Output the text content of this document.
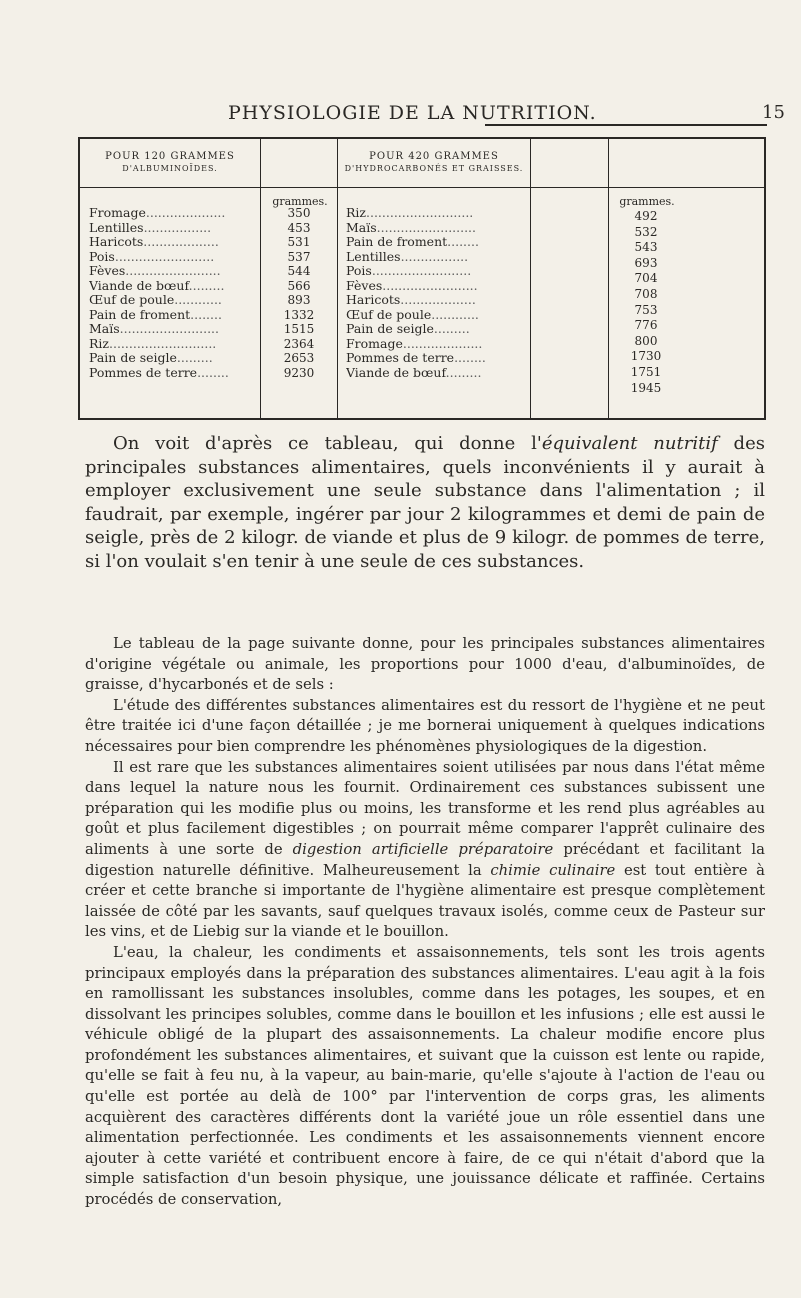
PHYSIOLOGIE DE LA NUTRITION.	15
POUR 120 GRAMMES
D'ALBUMINOÏDES.
POUR 420 GRAMMES
D'HYDROCARBONÉS ET GRAISSES.
grammes.	grammes.
Fromage....................
Lentilles.................
Haricots...................
Pois.........................
Fèves........................
Viande de bœuf.........
Œuf de poule............
Pain de froment........
Maïs.........................
Riz...........................
Pain de seigle.........
Pommes de terre........
350
453
531
537
544
566
893
1332
1515
2364
2653
9230
Riz...........................
Maïs.........................
Pain de froment........
Lentilles.................
Pois.........................
Fèves........................
Haricots...................
Œuf de poule............
Pain de seigle.........
Fromage....................
Pommes de terre........
Viande de bœuf.........
492
532
543
693
704
708
753
776
800
1730
1751
1945

On voit d'après ce tableau, qui donne l'équivalent nutritif des principales substances alimentaires, quels inconvénients il y aurait à employer exclusivement une seule substance dans l'alimentation ; il faudrait, par exemple, ingérer par jour 2 kilogrammes et demi de pain de seigle, près de 2 kilogr. de viande et plus de 9 kilogr. de pommes de terre, si l'on voulait s'en tenir à une seule de ces substances.

Le tableau de la page suivante donne, pour les principales substances alimentaires d'origine végétale ou animale, les proportions pour 1000 d'eau, d'albuminoïdes, de graisse, d'hycarbonés et de sels :

L'étude des différentes substances alimentaires est du ressort de l'hygiène et ne peut être traitée ici d'une façon détaillée ; je me bornerai uniquement à quelques indications nécessaires pour bien comprendre les phénomènes physiologiques de la digestion.

Il est rare que les substances alimentaires soient utilisées par nous dans l'état même dans lequel la nature nous les fournit. Ordinairement ces substances subissent une préparation qui les modifie plus ou moins, les transforme et les rend plus agréables au goût et plus facilement digestibles ; on pourrait même comparer l'apprêt culinaire des aliments à une sorte de digestion artificielle préparatoire précédant et facilitant la digestion naturelle définitive. Malheureusement la chimie culinaire est tout entière à créer et cette branche si importante de l'hygiène alimentaire est presque complètement laissée de côté par les savants, sauf quelques travaux isolés, comme ceux de Pasteur sur les vins, et de Liebig sur la viande et le bouillon.

L'eau, la chaleur, les condiments et assaisonnements, tels sont les trois agents principaux employés dans la préparation des substances alimentaires. L'eau agit à la fois en ramollissant les substances insolubles, comme dans les potages, les soupes, et en dissolvant les principes solubles, comme dans le bouillon et les infusions ; elle est aussi le véhicule obligé de la plupart des assaisonnements. La chaleur modifie encore plus profondément les substances alimentaires, et suivant que la cuisson est lente ou rapide, qu'elle se fait à feu nu, à la vapeur, au bain-marie, qu'elle s'ajoute à l'action de l'eau ou qu'elle est portée au delà de 100° par l'intervention de corps gras, les aliments acquièrent des caractères différents dont la variété joue un rôle essentiel dans une alimentation perfectionnée. Les condiments et les assaisonnements viennent encore ajouter à cette variété et contribuent encore à faire, de ce qui n'était d'abord que la simple satisfaction d'un besoin physique, une jouissance délicate et raffinée. Certains procédés de conservation,
